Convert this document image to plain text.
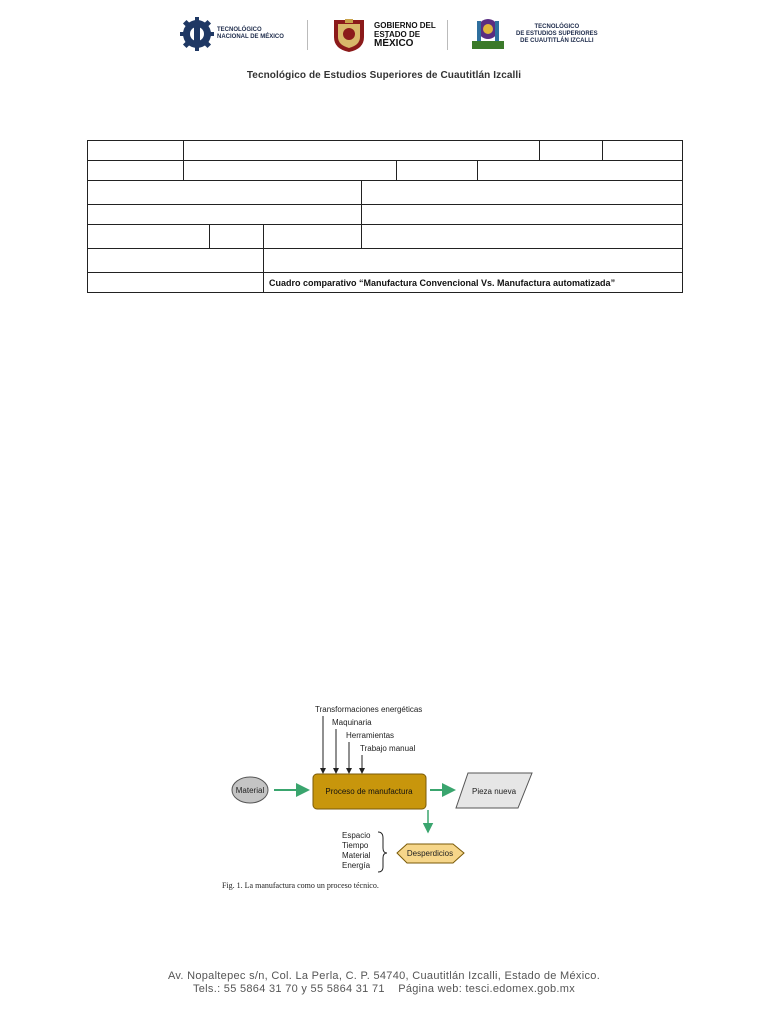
TECNOLÓGICO
NACIONAL DE MÉXICO
GOBIERNO DEL
ESTADO DE
MÉXICO
TECNOLÓGICO
DE ESTUDIOS SUPERIORES
DE CUAUTITLÁN IZCALLI
Tecnológico de Estudios Superiores de Cuautitlán Izcalli

			Cuadro comparativo “Manufactura Convencional Vs. Manufactura automatizada”					
Transformaciones energéticas
Maquinaria
Herramientas
Trabajo manual
Material	Proceso de manufactura	Pieza nueva
Espacio
Tiempo
Material
Energía
Desperdicios
Fig. 1. La manufactura como un proceso técnico.
Av. Nopaltepec s/n, Col. La Perla, C. P. 54740, Cuautitlán Izcalli, Estado de México.
Tels.: 55 5864 31 70 y 55 5864 31 71    Página web: tesci.edomex.gob.mx
